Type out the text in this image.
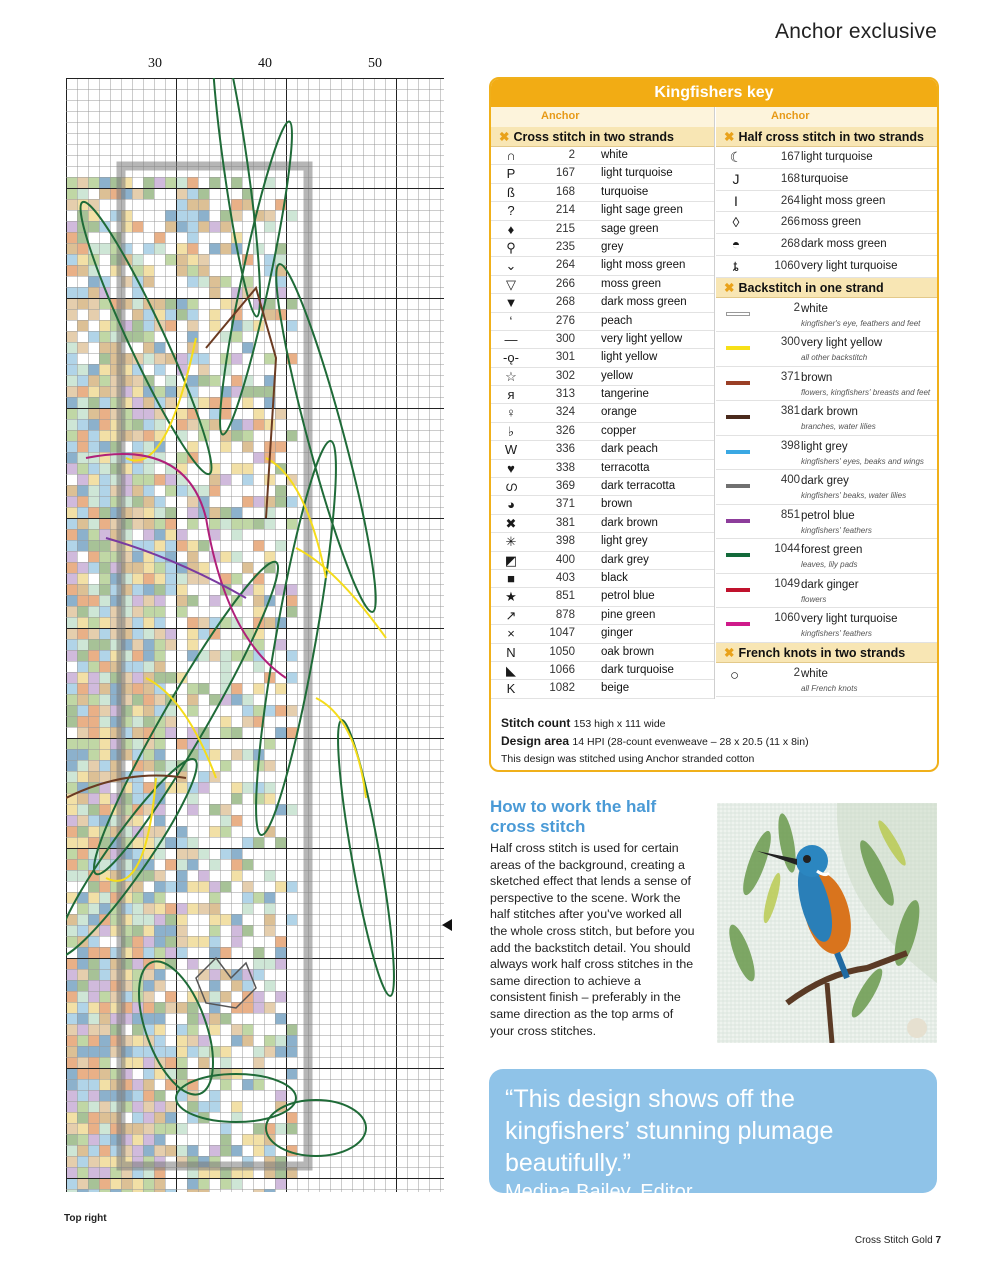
Anchor exclusive
30	40	50
Top right
Kingfishers key
Anchor
✖ Cross stitch in two strands
∩	2 white
P	167 light turquoise
ß	168 turquoise
?	214 light sage green
♦	215 sage green
⚲	235 grey
⌄	264 light moss green
▽	266 moss green
▼	268 dark moss green
ʻ	276 peach
—	300 very light yellow
-ǫ-	301 light yellow
☆	302 yellow
я	313 tangerine
♀	324 orange
♭	326 copper
W	336 dark peach
♥	338 terracotta
ഗ	369 dark terracotta
◕	371 brown
✖	381 dark brown
✳	398 light grey
◩	400 dark grey
■	403 black
★	851 petrol blue
↗	878 pine green
×	1047 ginger
N	1050 oak brown
◣	1066 dark turquoise
K	1082 beige
Anchor
✖ Half cross stitch in two strands
☾	167 light turquoise
J	168 turquoise
I	264 light moss green
◊	266 moss green
◓	268 dark moss green
ȶ	1060 very light turquoise
✖ Backstitch in one strand
2 white
kingfisher's eye, feathers and feet
300 very light yellow
all other backstitch
371 brown
flowers, kingfishers' breasts and feet
381 dark brown
branches, water lilies
398 light grey
kingfishers' eyes, beaks and wings
400 dark grey
kingfishers' beaks, water lilies
851 petrol blue
kingfishers' feathers
1044 forest green
leaves, lily pads
1049 dark ginger
flowers
1060 very light turquoise
kingfishers' feathers
✖ French knots in two strands
○	2 white
all French knots
Stitch count 153 high x 111 wide
Design area 14 HPI (28-count evenweave – 28 x 20.5 (11 x 8in)
This design was stitched using Anchor stranded cotton
How to work the half cross stitch
Half cross stitch is used for certain areas of the background, creating a sketched effect that lends a sense of perspective to the scene. Work the half stitches after you've worked all the whole cross stitch, but before you add the backstitch detail. You should always work half cross stitches in the same direction to achieve a consistent finish – preferably in the same direction as the top arms of your cross stitches.
“This design shows off the kingfishers’ stunning plumage beautifully.”
Medina Bailey, Editor
Cross Stitch Gold 7
